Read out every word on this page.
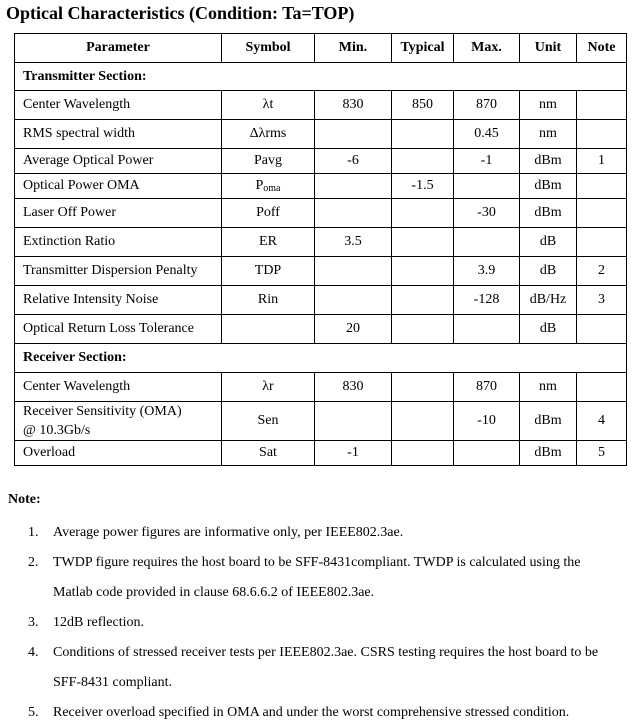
Optical Characteristics (Condition: Ta=TOP)
Parameter	Symbol	Min.	Typical	Max.	Unit	Note
Transmitter Section:						
Center Wavelength	λt	830	850	870	nm	
RMS spectral width	Δλrms			0.45	nm	
Average Optical Power	Pavg	-6		-1	dBm	1
Optical Power OMA	$P_{oma}$		-1.5		dBm	
Laser Off Power	Poff			-30	dBm	
Extinction Ratio	ER	3.5			dB	
Transmitter Dispersion Penalty	TDP			3.9	dB	2
Relative Intensity Noise	Rin			-128	dB/Hz	3
Optical Return Loss Tolerance		20			dB	
Receiver Section:						
Center Wavelength	λr	830		870	nm	

Receiver Sensitivity (OMA)
@ 10.3Gb/s	Sen			-10	dBm	4
Overload	Sat	-1			dBm	5
Note:
1. Average power figures are informative only, per IEEE802.3ae.
2. TWDP figure requires the host board to be SFF-8431compliant. TWDP is calculated using the Matlab code provided in clause 68.6.6.2 of IEEE802.3ae.
3. 12dB reflection.
4. Conditions of stressed receiver tests per IEEE802.3ae. CSRS testing requires the host board to be SFF-8431 compliant.
5. Receiver overload specified in OMA and under the worst comprehensive stressed condition.
